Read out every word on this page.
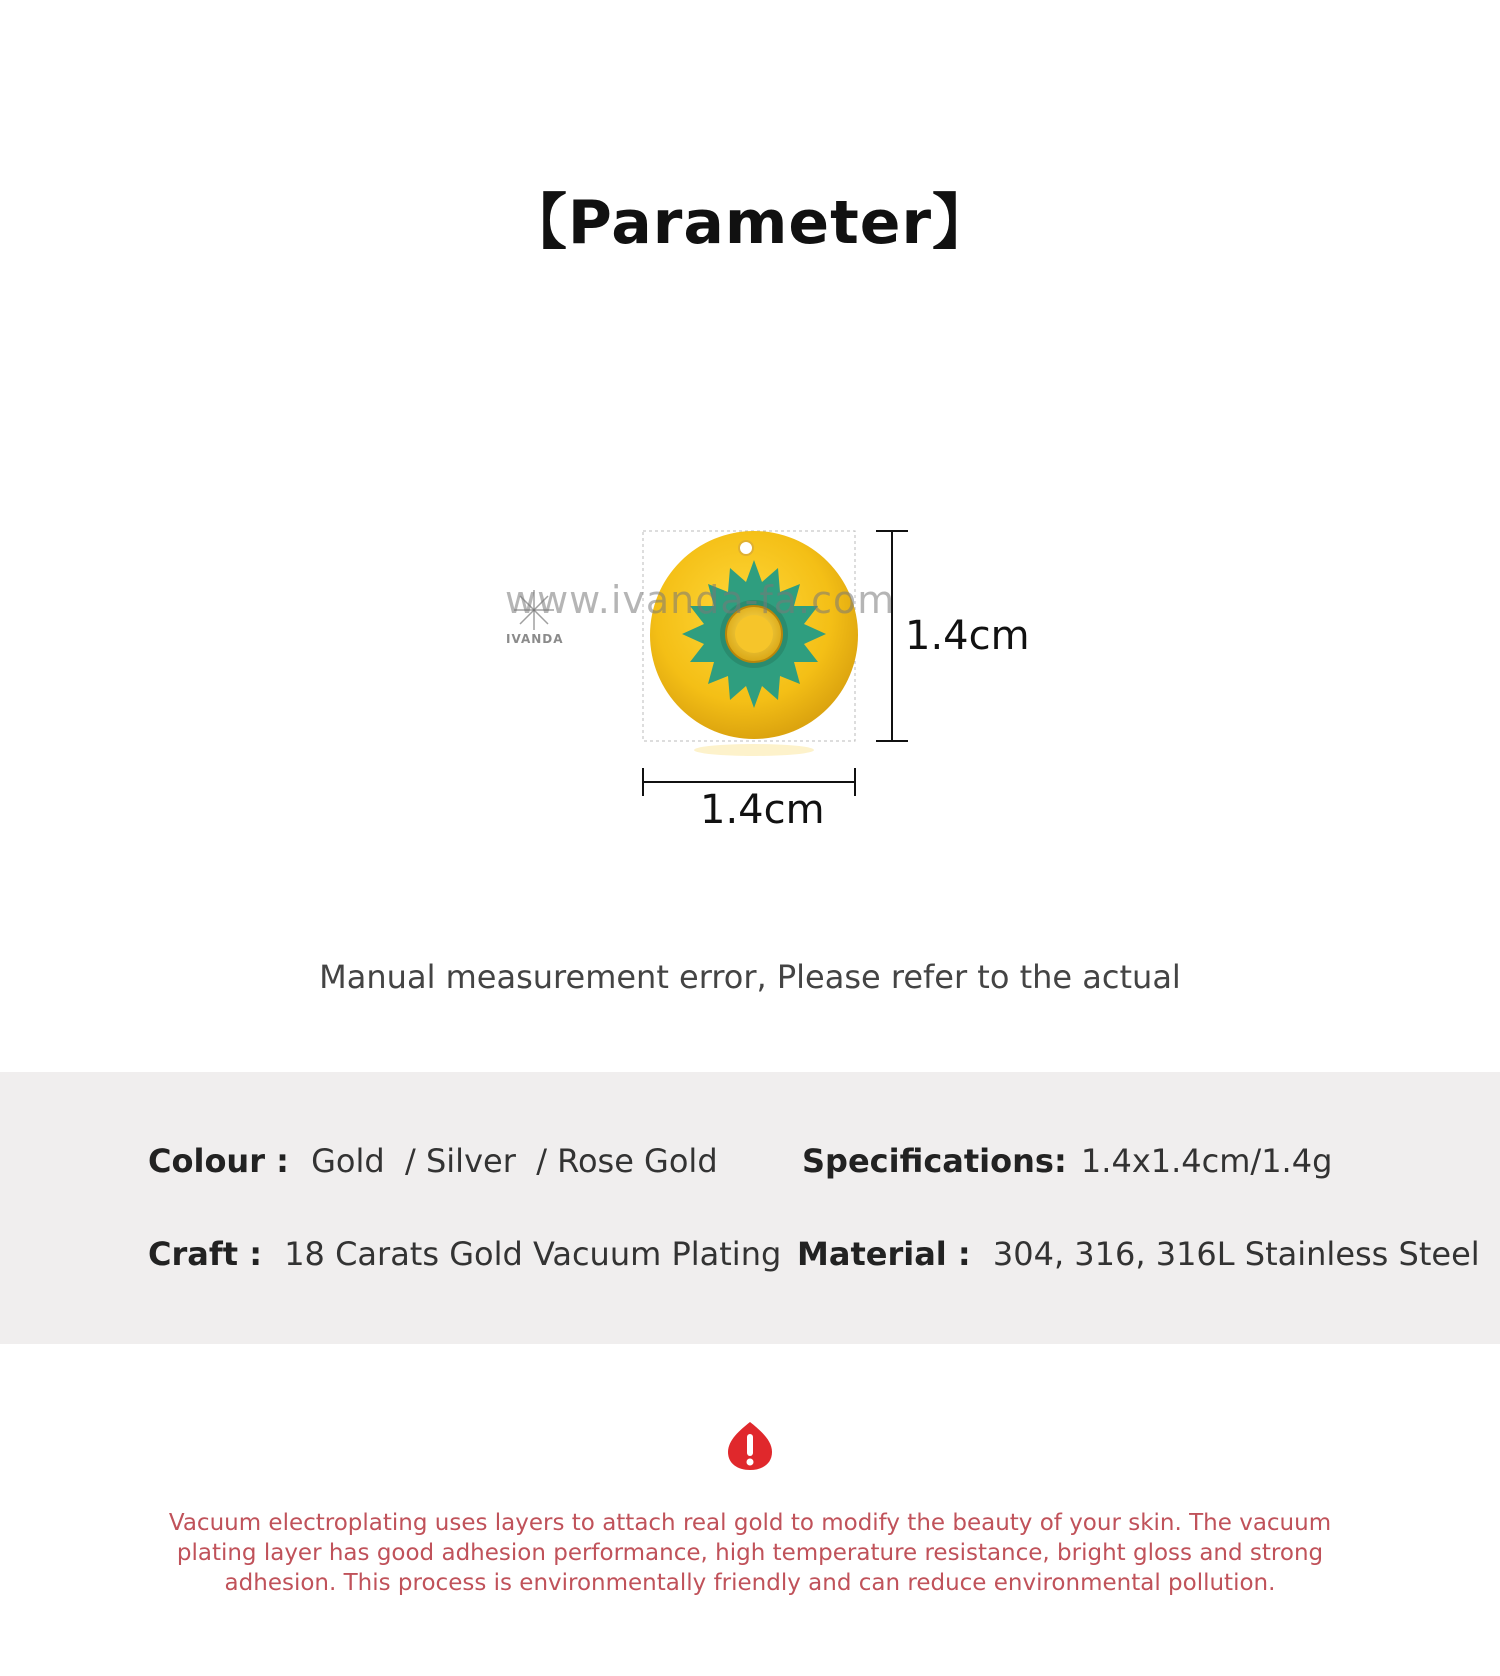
【Parameter】
IVANDA
www.ivanda-fa.com
1.4cm
1.4cm
Manual measurement error, Please refer to the actual
Colour : Gold  / Silver  / Rose Gold	Specifications: 1.4x1.4cm/1.4g
Craft : 18 Carats Gold Vacuum Plating Material : 304, 316, 316L Stainless Steel
Vacuum electroplating uses layers to attach real gold to modify the beauty of your skin. The vacuum plating layer has good adhesion performance, high temperature resistance, bright gloss and strong adhesion. This process is environmentally friendly and can reduce environmental pollution.
